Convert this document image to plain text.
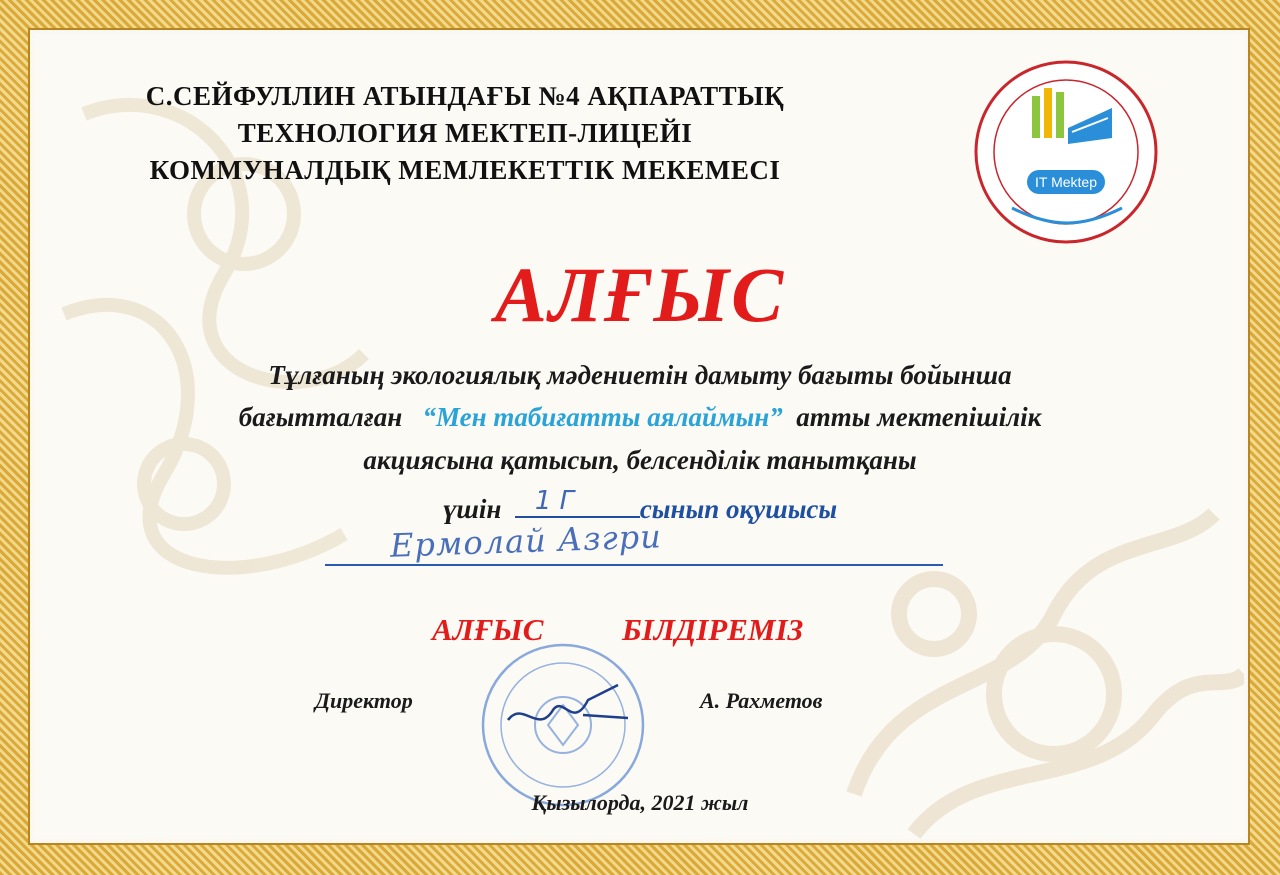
С.СЕЙФУЛЛИН АТЫНДАҒЫ №4 АҚПАРАТТЫҚ
ТЕХНОЛОГИЯ МЕКТЕП-ЛИЦЕЙІ
КОММУНАЛДЫҚ МЕМЛЕКЕТТІК МЕКЕМЕСІ	IT Mektep
АЛҒЫС
Тұлғаның экологиялық мәдениетін дамыту бағыты бойынша
бағытталған “Мен табиғатты аялаймын” атты мектепішілік
акциясына қатысып, белсенділік танытқаны
үшін 1 Г сынып оқушысы
Ермолай Азгри
АЛҒЫС	БІЛДІРЕМІЗ
Директор	А. Рахметов
Қызылорда, 2021 жыл
